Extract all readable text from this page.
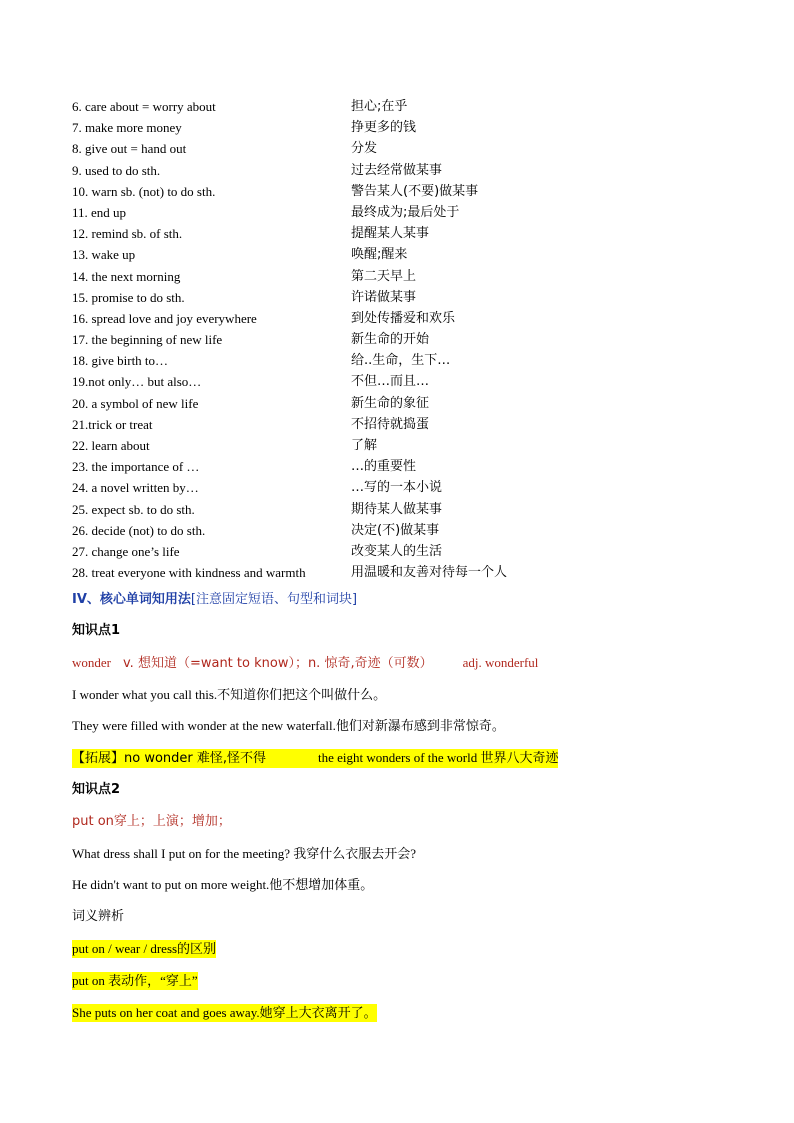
6. care about = worry about	担心;在乎
7. make more money	挣更多的钱
8. give out = hand out	分发
9. used to do sth.	过去经常做某事
10. warn sb. (not) to do sth.	警告某人(不要)做某事
11. end up	最终成为;最后处于
12. remind sb. of sth.	提醒某人某事
13. wake up	唤醒;醒来
14. the next morning	第二天早上
15. promise to do sth.	许诺做某事
16. spread love and joy everywhere	到处传播爱和欢乐
17. the beginning of new life	新生命的开始
18. give birth to…	给..生命，生下…
19.not only… but also…	不但…而且…
20. a symbol of new life	新生命的象征
21.trick or treat	不招待就捣蛋
22. learn about	了解
23. the importance of …	…的重要性
24. a novel written by…	…写的一本小说
25. expect sb. to do sth.	期待某人做某事
26. decide (not) to do sth.	决定(不)做某事
27. change one’s life	改变某人的生活
28. treat everyone with kindness and warmth	用温暖和友善对待每一个人
IV、核心单词知用法[注意固定短语、句型和词块]
知识点1
wonder v. 想知道（=want to know）；n. 惊奇,奇迹（可数） adj. wonderful
I wonder what you call this.不知道你们把这个叫做什么。
They were filled with wonder at the new waterfall.他们对新瀑布感到非常惊奇。
【拓展】no wonder 难怪,怪不得	the eight wonders of the world 世界八大奇迹
知识点2
put on穿上；上演；增加；
What dress shall I put on for the meeting? 我穿什么衣服去开会?
He didn't want to put on more weight.他不想增加体重。
词义辨析
put on / wear / dress的区别
put on 表动作，“穿上”
She puts on her coat and goes away.她穿上大衣离开了。
